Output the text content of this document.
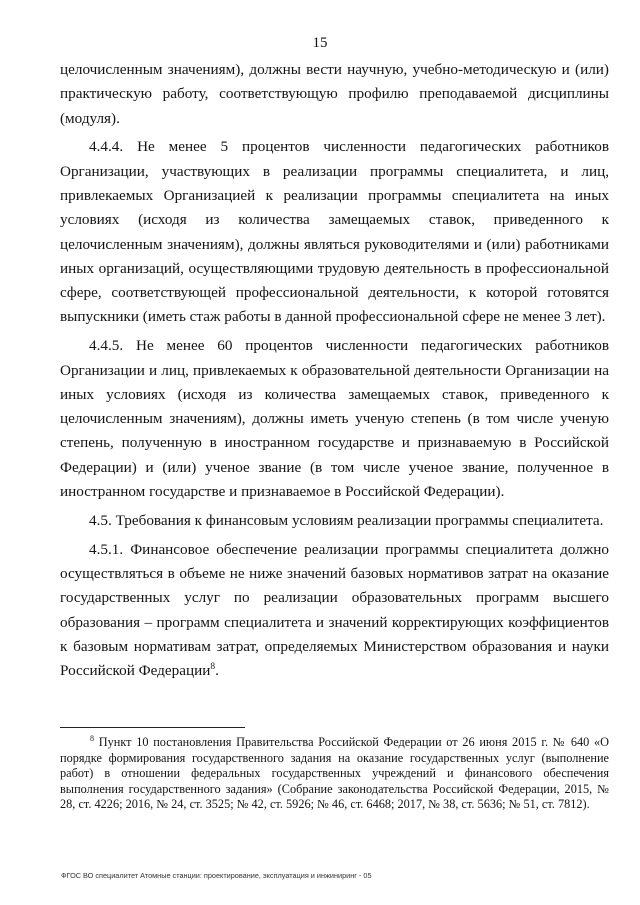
15

целочисленным значениям), должны вести научную, учебно-методическую и (или) практическую работу, соответствующую профилю преподаваемой дисциплины (модуля).

4.4.4. Не менее 5 процентов численности педагогических работников Организации, участвующих в реализации программы специалитета, и лиц, привлекаемых Организацией к реализации программы специалитета на иных условиях (исходя из количества замещаемых ставок, приведенного к целочисленным значениям), должны являться руководителями и (или) работниками иных организаций, осуществляющими трудовую деятельность в профессиональной сфере, соответствующей профессиональной деятельности, к которой готовятся выпускники (иметь стаж работы в данной профессиональной сфере не менее 3 лет).

4.4.5. Не менее 60 процентов численности педагогических работников Организации и лиц, привлекаемых к образовательной деятельности Организации на иных условиях (исходя из количества замещаемых ставок, приведенного к целочисленным значениям), должны иметь ученую степень (в том числе ученую степень, полученную в иностранном государстве и признаваемую в Российской Федерации) и (или) ученое звание (в том числе ученое звание, полученное в иностранном государстве и признаваемое в Российской Федерации).

4.5. Требования к финансовым условиям реализации программы специалитета.

4.5.1. Финансовое обеспечение реализации программы специалитета должно осуществляться в объеме не ниже значений базовых нормативов затрат на оказание государственных услуг по реализации образовательных программ высшего образования – программ специалитета и значений корректирующих коэффициентов к базовым нормативам затрат, определяемых Министерством образования и науки Российской Федерации$^8$.

$^8$ Пункт 10 постановления Правительства Российской Федерации от 26 июня 2015 г. № 640 «О порядке формирования государственного задания на оказание государственных услуг (выполнение работ) в отношении федеральных государственных учреждений и финансового обеспечения выполнения государственного задания» (Собрание законодательства Российской Федерации, 2015, № 28, ст. 4226; 2016, № 24, ст. 3525; № 42, ст. 5926; № 46, ст. 6468; 2017, № 38, ст. 5636; № 51, ст. 7812).

ФГОС ВО специалитет Атомные станции: проектирование, эксплуатация и инжиниринг - 05
